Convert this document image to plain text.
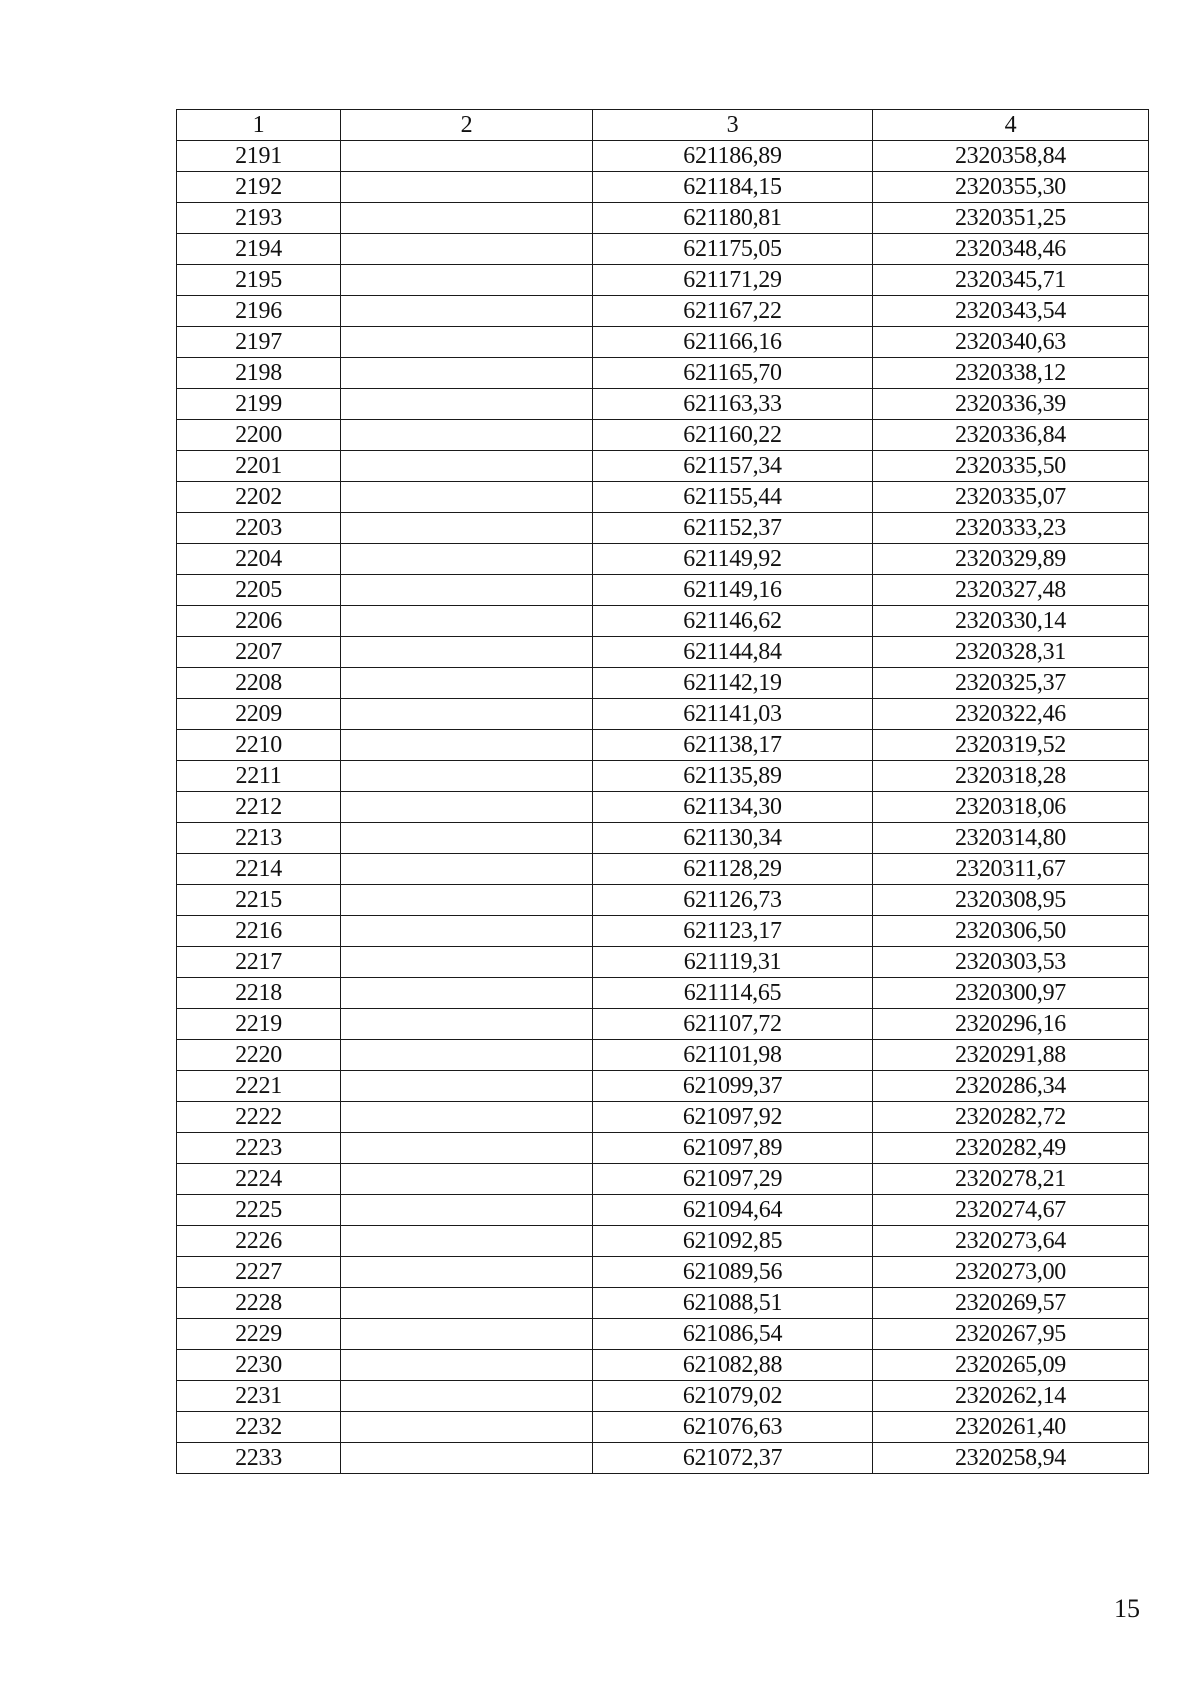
1	2	3	4
2191		621186,89	2320358,84
2192		621184,15	2320355,30
2193		621180,81	2320351,25
2194		621175,05	2320348,46
2195		621171,29	2320345,71
2196		621167,22	2320343,54
2197		621166,16	2320340,63
2198		621165,70	2320338,12
2199		621163,33	2320336,39
2200		621160,22	2320336,84
2201		621157,34	2320335,50
2202		621155,44	2320335,07
2203		621152,37	2320333,23
2204		621149,92	2320329,89
2205		621149,16	2320327,48
2206		621146,62	2320330,14
2207		621144,84	2320328,31
2208		621142,19	2320325,37
2209		621141,03	2320322,46
2210		621138,17	2320319,52
2211		621135,89	2320318,28
2212		621134,30	2320318,06
2213		621130,34	2320314,80
2214		621128,29	2320311,67
2215		621126,73	2320308,95
2216		621123,17	2320306,50
2217		621119,31	2320303,53
2218		621114,65	2320300,97
2219		621107,72	2320296,16
2220		621101,98	2320291,88
2221		621099,37	2320286,34
2222		621097,92	2320282,72
2223		621097,89	2320282,49
2224		621097,29	2320278,21
2225		621094,64	2320274,67
2226		621092,85	2320273,64
2227		621089,56	2320273,00
2228		621088,51	2320269,57
2229		621086,54	2320267,95
2230		621082,88	2320265,09
2231		621079,02	2320262,14
2232		621076,63	2320261,40
2233		621072,37	2320258,94
15
